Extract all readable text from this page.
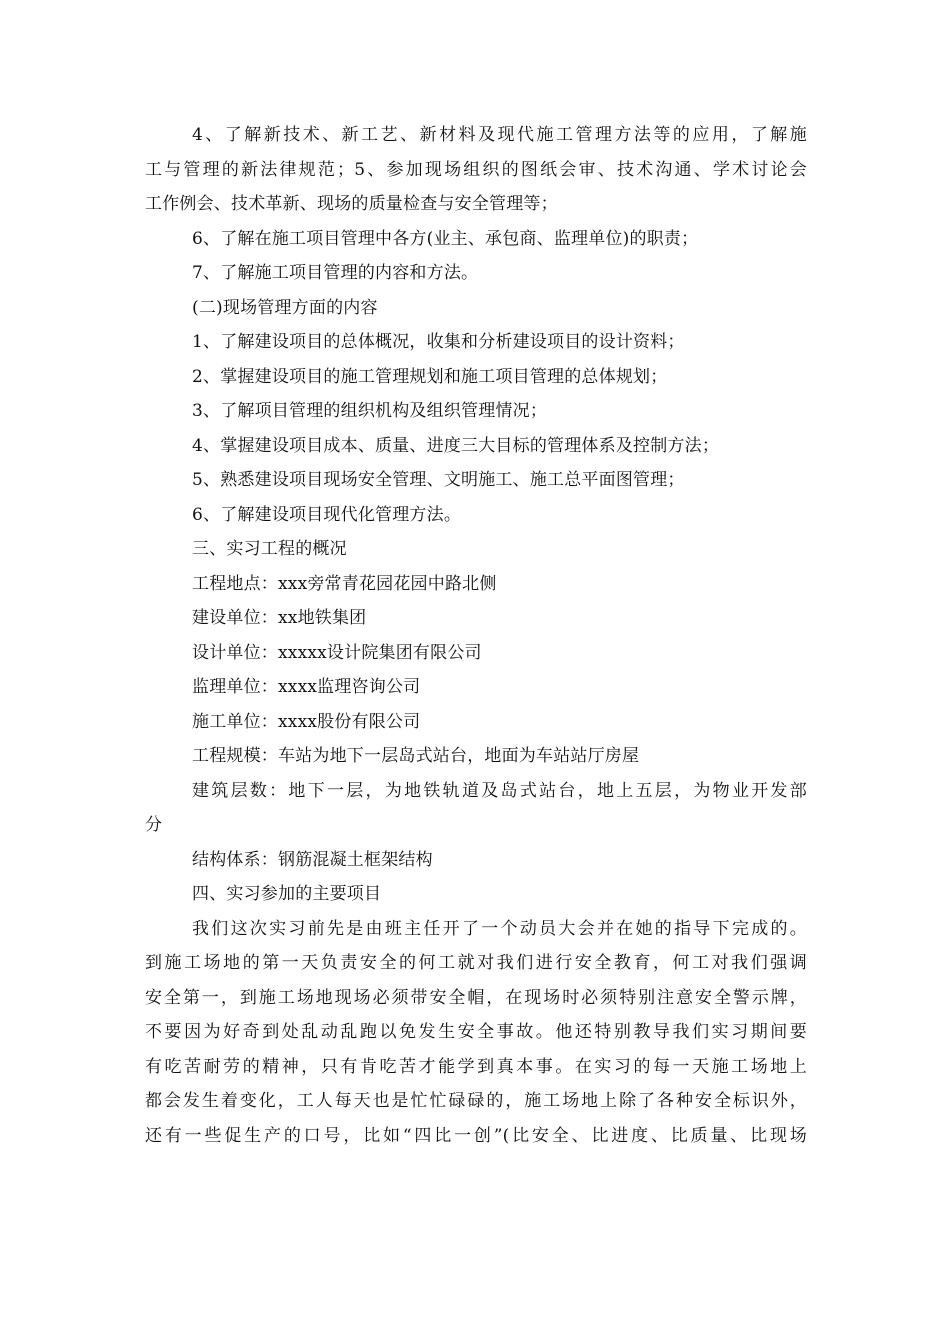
4、了解新技术、新工艺、新材料及现代施工管理方法等的应用，了解施
工与管理的新法律规范；5、参加现场组织的图纸会审、技术沟通、学术讨论会
工作例会、技术革新、现场的质量检查与安全管理等；
6、了解在施工项目管理中各方(业主、承包商、监理单位)的职责；
7、了解施工项目管理的内容和方法。
(二)现场管理方面的内容
1、了解建设项目的总体概况，收集和分析建设项目的设计资料；
2、掌握建设项目的施工管理规划和施工项目管理的总体规划；
3、了解项目管理的组织机构及组织管理情况；
4、掌握建设项目成本、质量、进度三大目标的管理体系及控制方法；
5、熟悉建设项目现场安全管理、文明施工、施工总平面图管理；
6、了解建设项目现代化管理方法。
三、实习工程的概况
工程地点：xxx旁常青花园花园中路北侧
建设单位：xx地铁集团
设计单位：xxxxx设计院集团有限公司
监理单位：xxxx监理咨询公司
施工单位：xxxx股份有限公司
工程规模：车站为地下一层岛式站台，地面为车站站厅房屋
建筑层数：地下一层，为地铁轨道及岛式站台，地上五层，为物业开发部
分
结构体系：钢筋混凝土框架结构
四、实习参加的主要项目
我们这次实习前先是由班主任开了一个动员大会并在她的指导下完成的。
到施工场地的第一天负责安全的何工就对我们进行安全教育，何工对我们强调
安全第一，到施工场地现场必须带安全帽，在现场时必须特别注意安全警示牌，
不要因为好奇到处乱动乱跑以免发生安全事故。他还特别教导我们实习期间要
有吃苦耐劳的精神，只有肯吃苦才能学到真本事。在实习的每一天施工场地上
都会发生着变化，工人每天也是忙忙碌碌的，施工场地上除了各种安全标识外，
还有一些促生产的口号，比如“四比一创”(比安全、比进度、比质量、比现场
